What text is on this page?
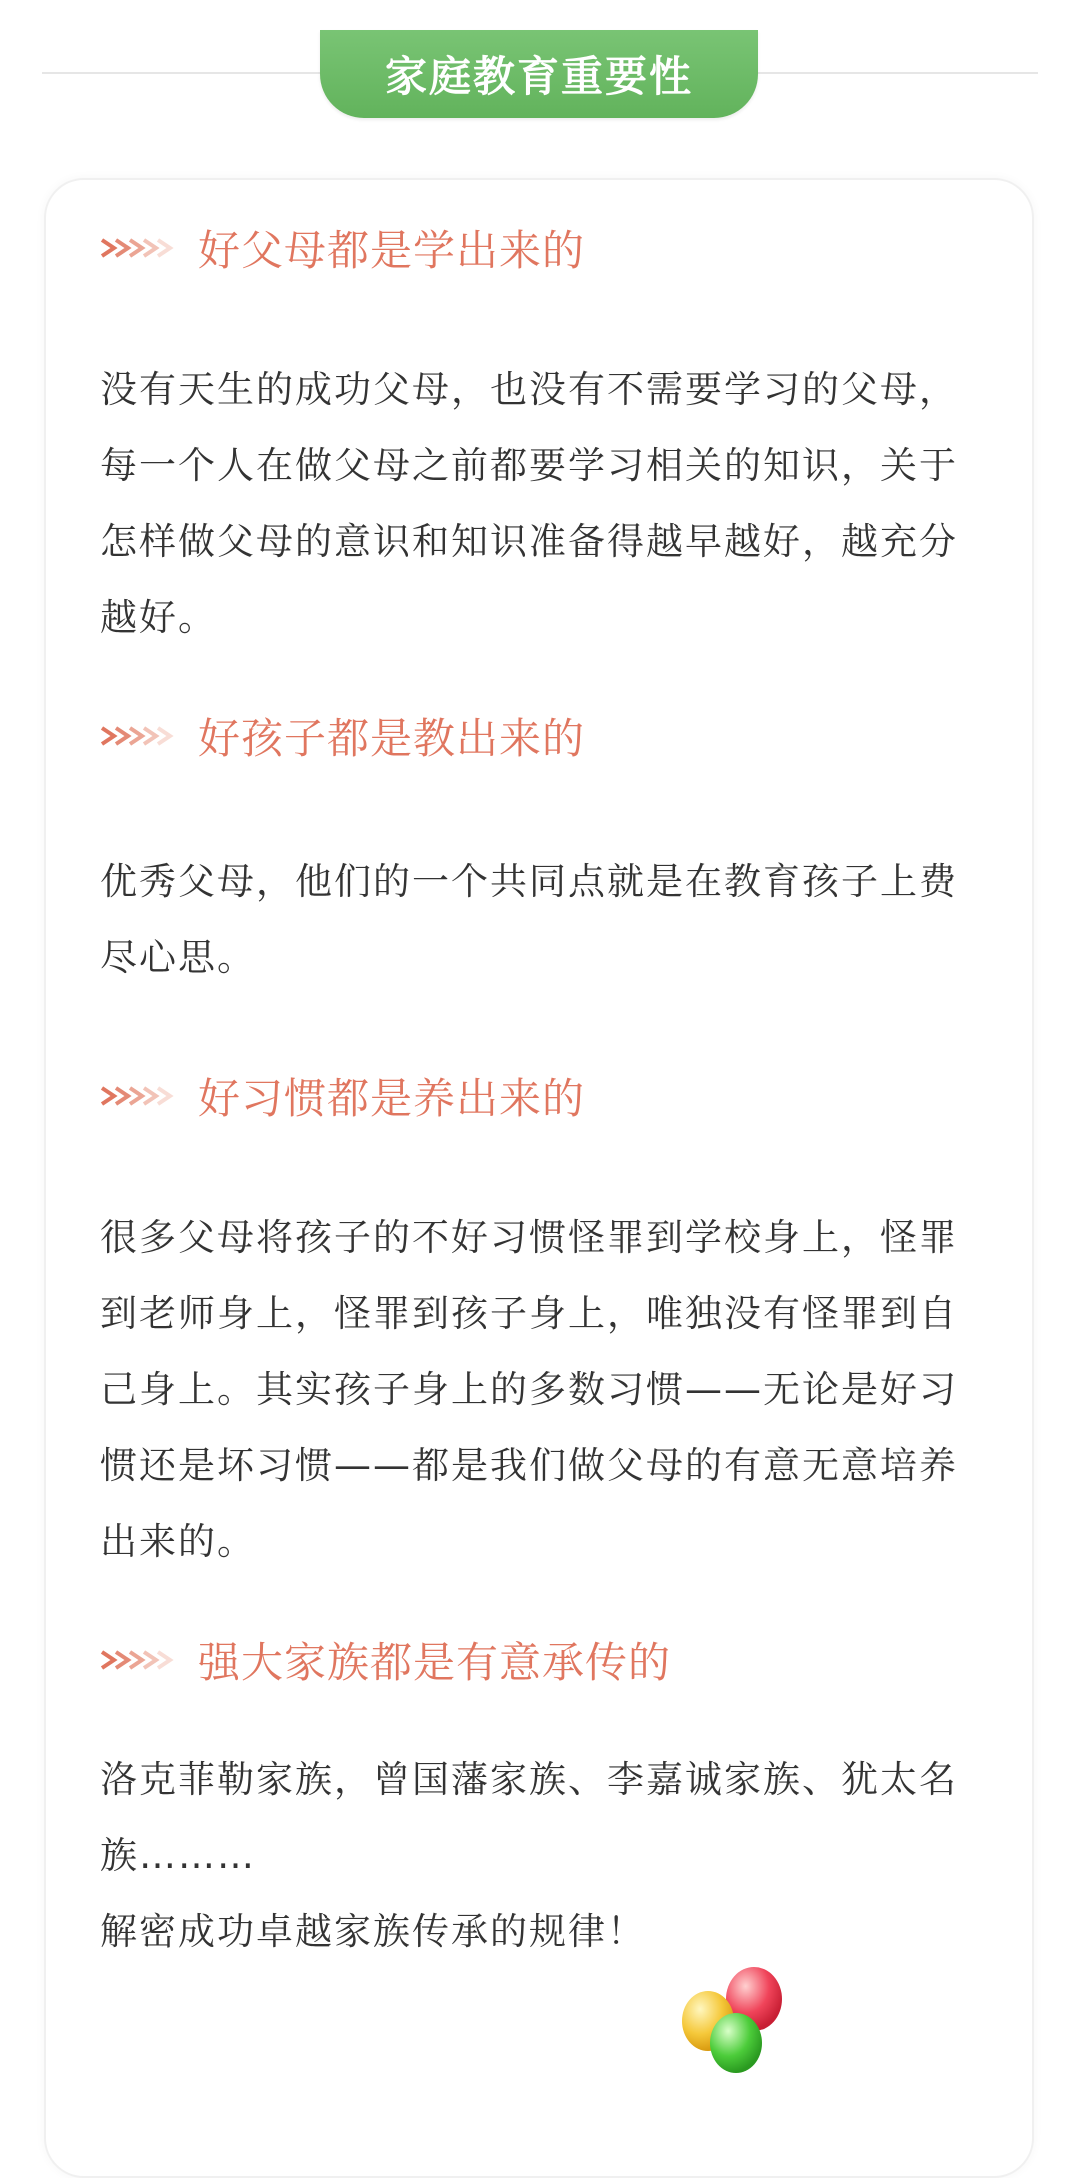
家庭教育重要性
好父母都是学出来的
没有天生的成功父母，也没有不需要学习的父母，
每一个人在做父母之前都要学习相关的知识，关于
怎样做父母的意识和知识准备得越早越好，越充分
越好。
好孩子都是教出来的
优秀父母，他们的一个共同点就是在教育孩子上费
尽心思。
好习惯都是养出来的
很多父母将孩子的不好习惯怪罪到学校身上，怪罪
到老师身上，怪罪到孩子身上，唯独没有怪罪到自
己身上。其实孩子身上的多数习惯——无论是好习
惯还是坏习惯——都是我们做父母的有意无意培养
出来的。
强大家族都是有意承传的
洛克菲勒家族，曾国藩家族、李嘉诚家族、犹太名
族………
解密成功卓越家族传承的规律！
